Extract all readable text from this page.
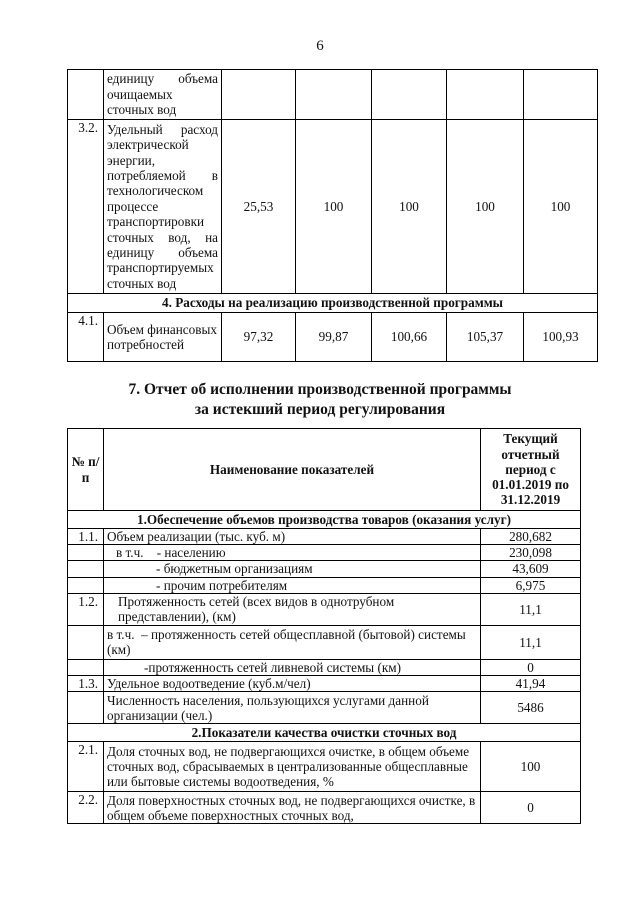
6
	единицу объема очищаемых сточных вод					
3.2.	Удельный расход электрической энергии, потребляемой в технологическом процессе транспортировки сточных вод, на единицу объема транспортируемых сточных вод	25,53	100	100	100	100
4. Расходы на реализацию производственной программы						
4.1.	Объем финансовых потребностей	97,32	99,87	100,66	105,37	100,93
7. Отчет об исполнении производственной программы
за истекший период регулирования
№ п/п	Наименование показателей	Текущий отчетный период с 01.01.2019 по 31.12.2019
1.Обеспечение объемов производства товаров (оказания услуг)		
1.1.	Объем реализации (тыс. куб. м)	280,682
	в т.ч.    - населению	230,098
	- бюджетным организациям	43,609
	- прочим потребителям	6,975
1.2.	Протяженность сетей (всех видов в однотрубном представлении), (км)	11,1
	в т.ч.  – протяженность сетей общесплавной (бытовой) системы (км)	11,1
	-протяженность сетей ливневой системы (км)	0
1.3.	Удельное водоотведение (куб.м/чел)	41,94
	Численность населения, пользующихся услугами данной организации (чел.)	5486
2.Показатели качества очистки сточных вод		
2.1.	Доля сточных вод, не подвергающихся очистке, в общем объеме сточных вод, сбрасываемых в централизованные общесплавные или бытовые системы водоотведения, %	100
2.2.	Доля поверхностных сточных вод, не подвергающихся очистке, в общем объеме поверхностных сточных вод,	0
